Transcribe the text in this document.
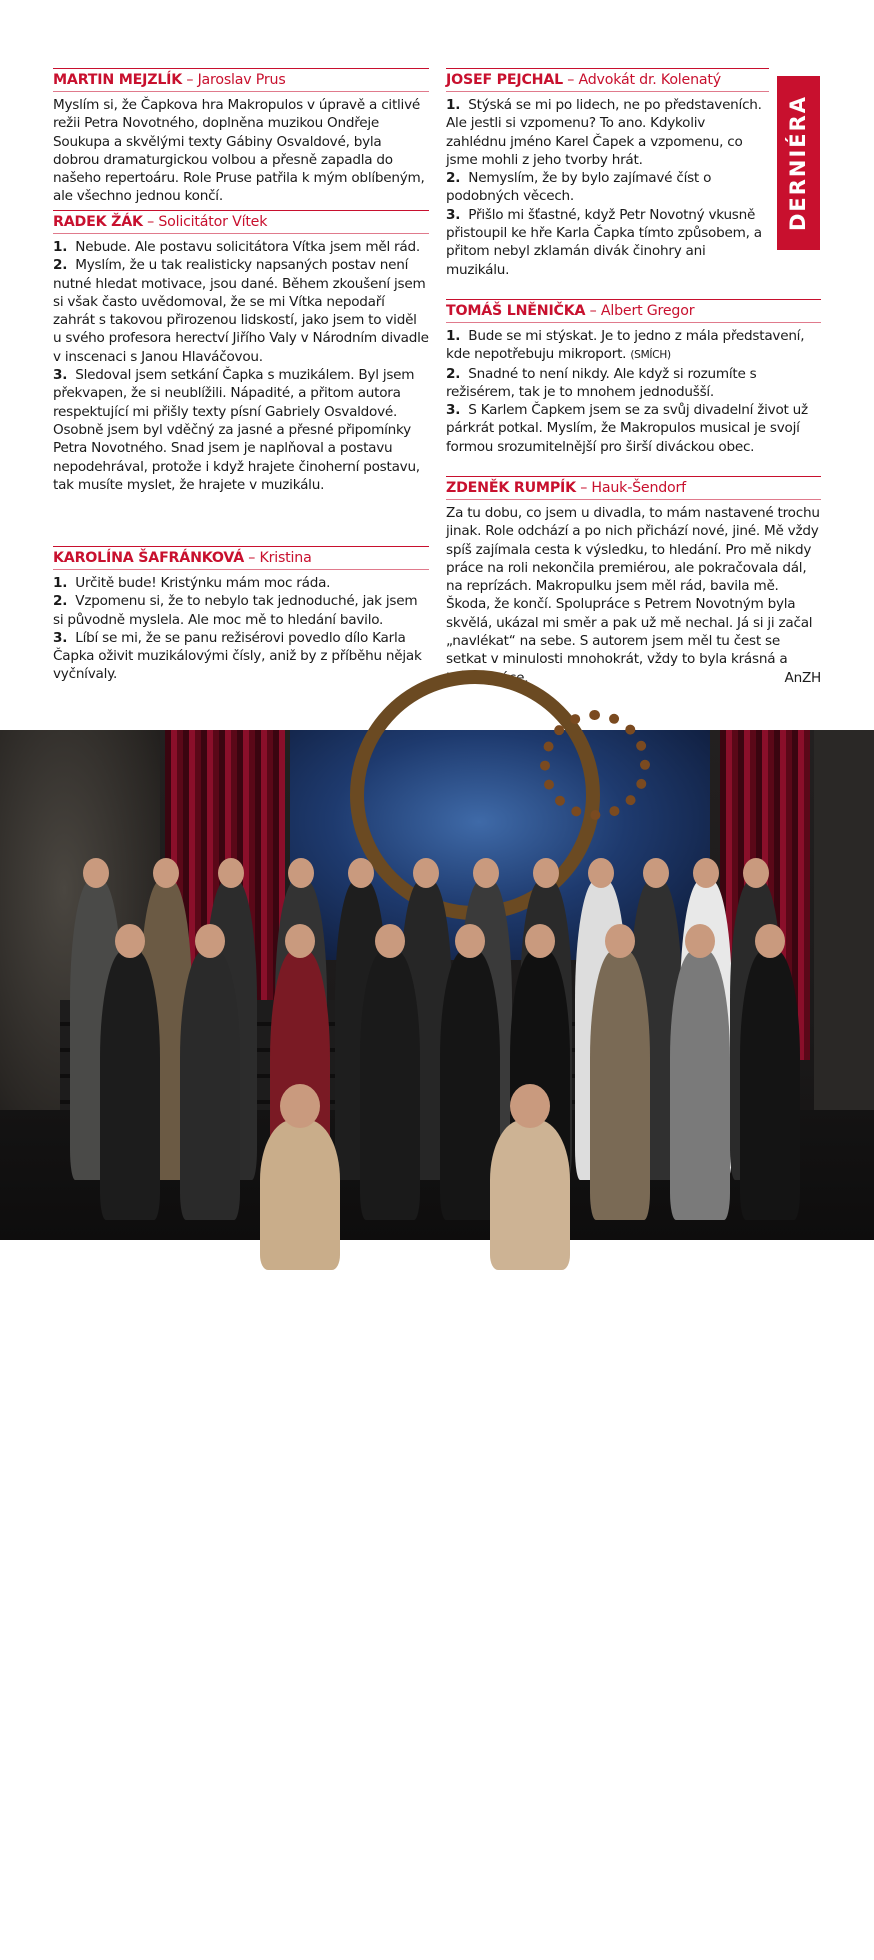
MARTIN MEJZLÍK – Jaroslav Prus

Myslím si, že Čapkova hra Makropulos v úpravě a citlivé režii Petra Novotného, doplněna muzikou Ondřeje Soukupa a skvělými texty Gábiny Osvaldové, byla dobrou dramaturgickou volbou a přesně zapadla do našeho repertoáru. Role Pruse patřila k mým oblíbeným, ale všechno jednou končí.

RADEK ŽÁK – Solicitátor Vítek

1. Nebude. Ale postavu solicitátora Vítka jsem měl rád.

2. Myslím, že u tak realisticky napsaných postav není nutné hledat motivace, jsou dané. Během zkoušení jsem si však často uvědomoval, že se mi Vítka nepodaří zahrát s takovou přirozenou lidskostí, jako jsem to viděl u svého profesora herectví Jiřího Valy v Národním divadle v inscenaci s Janou Hlaváčovou.

3. Sledoval jsem setkání Čapka s muzikálem. Byl jsem překvapen, že si neublížili. Nápadité, a přitom autora respektující mi přišly texty písní Gabriely Osvaldové. Osobně jsem byl vděčný za jasné a přesné připomínky Petra Novotného. Snad jsem je naplňoval a postavu nepodehrával, protože i když hrajete činoherní postavu, tak musíte myslet, že hrajete v muzikálu.

KAROLÍNA ŠAFRÁNKOVÁ – Kristina

1. Určitě bude! Kristýnku mám moc ráda.

2. Vzpomenu si, že to nebylo tak jednoduché, jak jsem si původně myslela. Ale moc mě to hledání bavilo.

3. Líbí se mi, že se panu režisérovi povedlo dílo Karla Čapka oživit muzikálovými čísly, aniž by z příběhu nějak vyčnívaly.

JOSEF PEJCHAL – Advokát dr. Kolenatý

1. Stýská se mi po lidech, ne po představeních. Ale jestli si vzpomenu? To ano. Kdykoliv zahlédnu jméno Karel Čapek a vzpomenu, co jsme mohli z jeho tvorby hrát.

2. Nemyslím, že by bylo zajímavé číst o podobných věcech.

3. Přišlo mi šťastné, když Petr Novotný vkusně přistoupil ke hře Karla Čapka tímto způsobem, a přitom nebyl zklamán divák činohry ani muzikálu.

TOMÁŠ LNĚNIČKA – Albert Gregor

1. Bude se mi stýskat. Je to jedno z mála představení, kde nepotřebuju mikroport. (SMÍCH)

2. Snadné to není nikdy. Ale když si rozumíte s režisérem, tak je to mnohem jednodušší.

3. S Karlem Čapkem jsem se za svůj divadelní život už párkrát potkal. Myslím, že Makropulos musical je svojí formou srozumitelnější pro širší diváckou obec.

ZDENĚK RUMPÍK – Hauk-Šendorf

Za tu dobu, co jsem u divadla, to mám nastavené trochu jinak. Role odchází a po nich přichází nové, jiné. Mě vždy spíš zajímala cesta k výsledku, to hledání. Pro mě nikdy práce na roli nekončila premiérou, ale pokračovala dál, na reprízách. Makropulku jsem měl rád, bavila mě. Škoda, že končí. Spolupráce s Petrem Novotným byla skvělá, ukázal mi směr a pak už mě nechal. Já si ji začal „navlékat“ na sebe. S autorem jsem měl tu čest se setkat v minulosti mnohokrát, vždy to byla krásná a tvůrčí práce.	AnZH

DERNIÉRA
CELÝ REALIZAČNÍ TÝM MAKROPULOS MUSICAL, FOTO J. SEJKORA
